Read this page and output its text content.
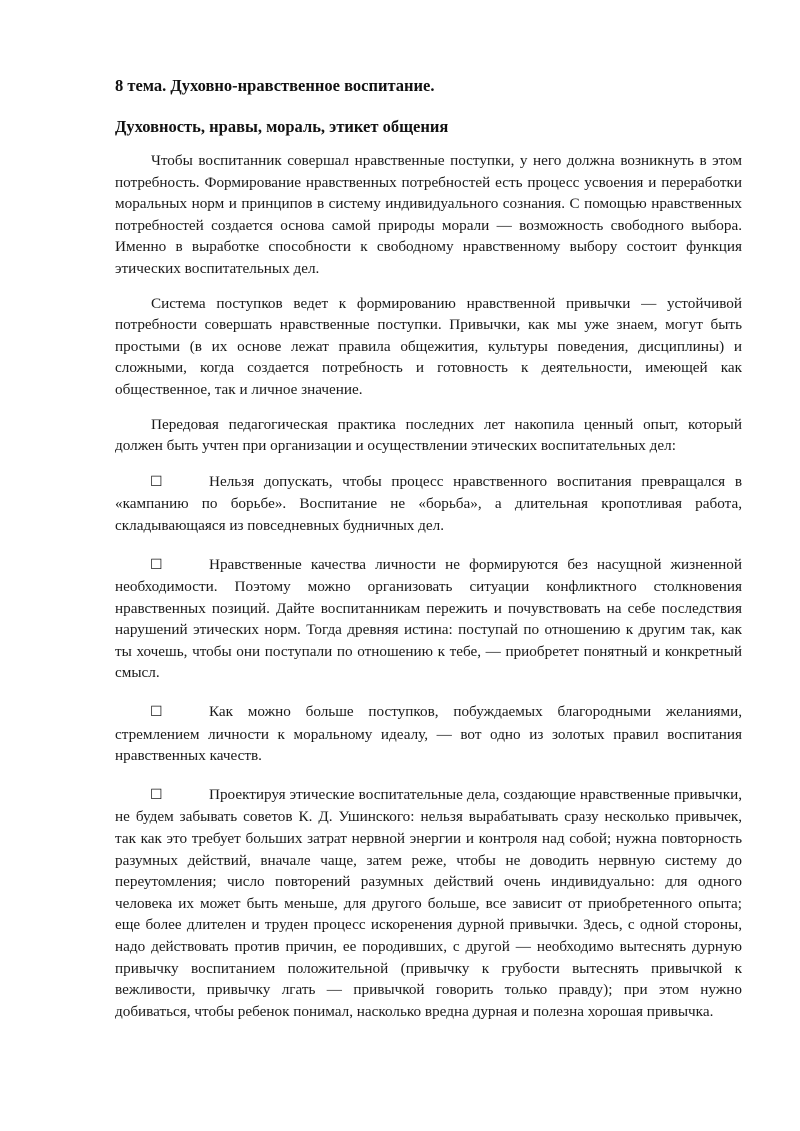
8 тема. Духовно-нравственное воспитание.
Духовность, нравы, мораль, этикет общения

Чтобы воспитанник совершал нравственные поступки, у него должна возникнуть в этом потребность. Формирование нравственных потребностей есть процесс усвоения и переработки моральных норм и принципов в систему индивидуального сознания. С помощью нравственных потребностей создается основа самой природы морали — возможность свободного выбора. Именно в выработке способности к свободному нравственному выбору состоит функция этических воспитательных дел.

Система поступков ведет к формированию нравственной привычки — устойчивой потребности совершать нравственные поступки. Привычки, как мы уже знаем, могут быть простыми (в их основе лежат правила общежития, культуры поведения, дисциплины) и сложными, когда создается потребность и готовность к деятельности, имеющей как общественное, так и личное значение.

Передовая педагогическая практика последних лет накопила ценный опыт, который должен быть учтен при организации и осуществлении этических воспитательных дел:

☐	Нельзя допускать, чтобы процесс нравственного воспитания превращался в «кампанию по борьбе». Воспитание не «борьба», а длительная кропотливая работа, складывающаяся из повседневных будничных дел.

☐	Нравственные качества личности не формируются без насущной жизненной необходимости. Поэтому можно организовать ситуации конфликтного столкновения нравственных позиций. Дайте воспитанникам пережить и почувствовать на себе последствия нарушений этических норм. Тогда древняя истина: поступай по отношению к другим так, как ты хочешь, чтобы они поступали по отношению к тебе, — приобретет понятный и конкретный смысл.

☐	Как можно больше поступков, побуждаемых благородными желаниями, стремлением личности к моральному идеалу, — вот одно из золотых правил воспитания нравственных качеств.

☐	Проектируя этические воспитательные дела, создающие нравственные привычки, не будем забывать советов К. Д. Ушинского: нельзя вырабатывать сразу несколько привычек, так как это требует больших затрат нервной энергии и контроля над собой; нужна повторность разумных действий, вначале чаще, затем реже, чтобы не доводить нервную систему до переутомления; число повторений разумных действий очень индивидуально: для одного человека их может быть меньше, для другого больше, все зависит от приобретенного опыта; еще более длителен и труден процесс искоренения дурной привычки. Здесь, с одной стороны, надо действовать против причин, ее породивших, с другой — необходимо вытеснять дурную привычку воспитанием положительной (привычку к грубости вытеснять привычкой к вежливости, привычку лгать — привычкой говорить только правду); при этом нужно добиваться, чтобы ребенок понимал, насколько вредна дурная и полезна хорошая привычка.
